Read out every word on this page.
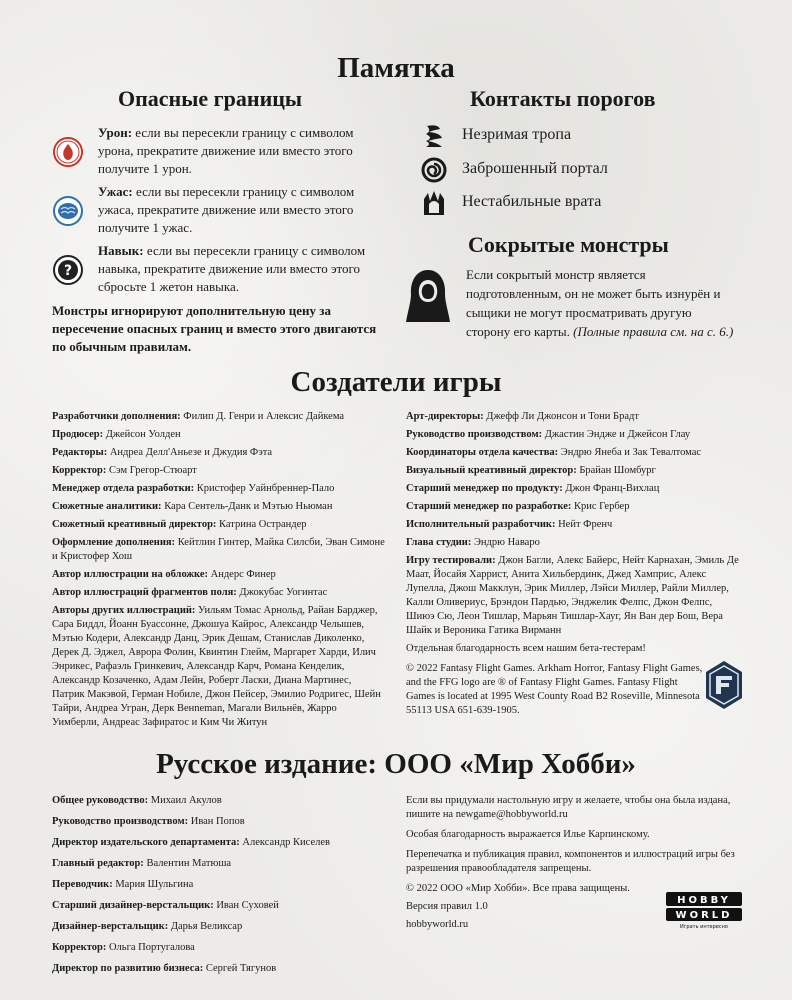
Памятка
Опасные границы	Контакты порогов
Урон: если вы пересекли границу с символом урона, прекратите движение или вместо этого получите 1 урон.
Ужас: если вы пересекли границу с символом ужаса, прекратите движение или вместо этого получите 1 ужас.
?
Навык: если вы пересекли границу с символом навыка, прекратите движение или вместо этого сбросьте 1 жетон навыка.
Монстры игнорируют дополнительную цену за пересечение опасных границ и вместо этого двигаются по обычным правилам.
Незримая тропа
Заброшенный портал
Нестабильные врата
Сокрытые монстры
Если сокрытый монстр является подготовленным, он не может быть изнурён и сыщики не могут просматривать другую сторону его карты. (Полные правила см. на с. 6.)
Создатели игры
Разработчики дополнения: Филип Д. Генри и Алексис Дайкема
Продюсер: Джейсон Уолден
Редакторы: Андреа Делл'Аньезе и Джудия Фэта
Корректор: Сэм Грегор-Стюарт
Менеджер отдела разработки: Кристофер Уайнбреннер-Пало
Сюжетные аналитики: Кара Сентель-Данк и Мэтью Ньюман
Сюжетный креативный директор: Катрина Острандер
Оформление дополнения: Кейтлин Гинтер, Майка Силсби, Эван Симоне и Кристофер Хош
Автор иллюстрации на обложке: Андерс Финер
Автор иллюстраций фрагментов поля: Джокубас Уогинтас
Авторы других иллюстраций: Уильям Томас Арнольд, Райан Барджер, Сара Биддл, Йоанн Буассонне, Джошуа Кайрос, Александр Челышев, Мэтью Кодери, Александр Данц, Эрик Дешам, Станислав Диколенко, Дерек Д. Эджел, Аврора Фолин, Квинтин Глейм, Маргарет Харди, Илич Энрикес, Рафаэль Гринкевич, Александр Карч, Романа Кенделик, Александр Козаченко, Адам Лейн, Роберт Ласки, Диана Мартинес, Патрик Макэвой, Герман Нобиле, Джон Пейсер, Эмилио Родригес, Шейн Тайри, Андреа Угран, Дерк Венneman, Магали Вильнёв, Жарро Уимберли, Андреас Зафиратос и Ким Чи Житун
Арт-директоры: Джефф Ли Джонсон и Тони Брадт
Руководство производством: Джастин Эндже и Джейсон Глау
Координаторы отдела качества: Эндрю Янеба и Зак Тевалтомас
Визуальный креативный директор: Брайан Шомбург
Старший менеджер по продукту: Джон Франц-Вихлац
Старший менеджер по разработке: Крис Гербер
Исполнительный разработчик: Нейт Френч
Глава студии: Эндрю Наваро
Игру тестировали: Джон Багли, Алекс Байерс, Нейт Карнахан, Эмиль Де Маат, Йосайя Харрист, Анита Хильбердинк, Джед Хамприс, Алекс Лупелла, Джош Макклун, Эрик Миллер, Лэйси Миллер, Райли Миллер, Калли Оливериус, Брэндон Пардью, Энджелик Фелпс, Джон Фелпс, Шиюэ Сю, Леон Тишлар, Марьян Тишлар-Хауг, Ян Ван дер Бош, Вера Шайк и Вероника Гатика Вирманн
Отдельная благодарность всем нашим бета-тестерам!
© 2022 Fantasy Flight Games. Arkham Horror, Fantasy Flight Games, and the FFG logo are ® of Fantasy Flight Games. Fantasy Flight Games is located at 1995 West County Road B2 Roseville, Minnesota 55113 USA 651-639-1905.
Русское издание: ООО «Мир Хобби»
Общее руководство: Михаил Акулов
Руководство производством: Иван Попов
Директор издательского департамента: Александр Киселев
Главный редактор: Валентин Матюша
Переводчик: Мария Шульгина
Старший дизайнер-верстальщик: Иван Суховей
Дизайнер-верстальщик: Дарья Великсар
Корректор: Ольга Португалова
Директор по развитию бизнеса: Сергей Тягунов
Если вы придумали настольную игру и желаете, чтобы она была издана, пишите на newgame@hobbyworld.ru
Особая благодарность выражается Илье Карпинскому.
Перепечатка и публикация правил, компонентов и иллюстраций игры без разрешения правообладателя запрещены.
© 2022 ООО «Мир Хобби». Все права защищены.
Версия правил 1.0
hobbyworld.ru
HOBBY
WORLD
Играть интересно
